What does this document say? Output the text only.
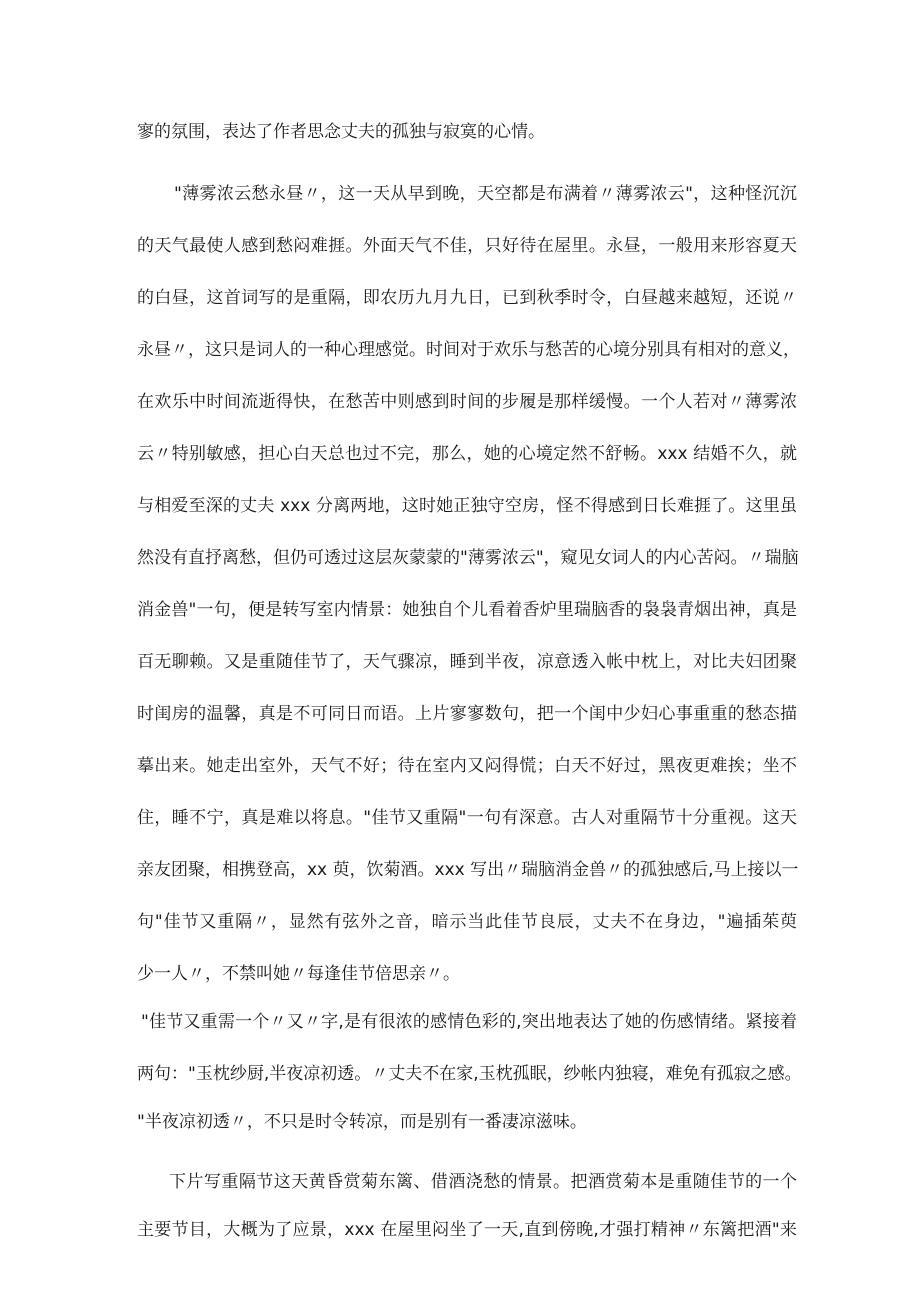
寥的氛围，表达了作者思念丈夫的孤独与寂寞的心情。
"薄雾浓云愁永昼〃，这一天从早到晚，天空都是布满着〃薄雾浓云"，这种怪沉沉
的天气最使人感到愁闷难捱。外面天气不佳，只好待在屋里。永昼，一般用来形容夏天
的白昼，这首词写的是重隔，即农历九月九日，已到秋季时令，白昼越来越短，还说〃
永昼〃，这只是词人的一种心理感觉。时间对于欢乐与愁苦的心境分别具有相对的意义，
在欢乐中时间流逝得快，在愁苦中则感到时间的步履是那样缓慢。一个人若对〃薄雾浓
云〃特别敏感，担心白天总也过不完，那么，她的心境定然不舒畅。xxx 结婚不久，就
与相爱至深的丈夫 xxx 分离两地，这时她正独守空房，怪不得感到日长难捱了。这里虽
然没有直抒离愁，但仍可透过这层灰蒙蒙的"薄雾浓云"，窥见女词人的内心苦闷。〃瑞脑
消金兽"一句，便是转写室内情景：她独自个儿看着香炉里瑞脑香的袅袅青烟出神，真是
百无聊赖。又是重随佳节了，天气骤凉，睡到半夜，凉意透入帐中枕上，对比夫妇团聚
时闺房的温馨，真是不可同日而语。上片寥寥数句，把一个闺中少妇心事重重的愁态描
摹出来。她走出室外，天气不好；待在室内又闷得慌；白天不好过，黑夜更难挨；坐不
住，睡不宁，真是难以将息。"佳节又重隔"一句有深意。古人对重隔节十分重视。这天
亲友团聚，相携登高，xx 萸，饮菊酒。xxx 写出〃瑞脑消金兽〃的孤独感后,马上接以一
句"佳节又重隔〃，显然有弦外之音，暗示当此佳节良辰，丈夫不在身边，"遍插茱萸
少一人〃，不禁叫她〃每逢佳节倍思亲〃。
"佳节又重需一个〃又〃字,是有很浓的感情色彩的,突出地表达了她的伤感情绪。紧接着
两句："玉枕纱厨,半夜凉初透。〃丈夫不在家,玉枕孤眠，纱帐内独寝，难免有孤寂之感。
"半夜凉初透〃，不只是时令转凉，而是别有一番凄凉滋味。
下片写重隔节这天黄昏赏菊东篱、借酒浇愁的情景。把酒赏菊本是重随佳节的一个
主要节目，大概为了应景，xxx 在屋里闷坐了一天,直到傍晚,才强打精神〃东篱把酒"来
